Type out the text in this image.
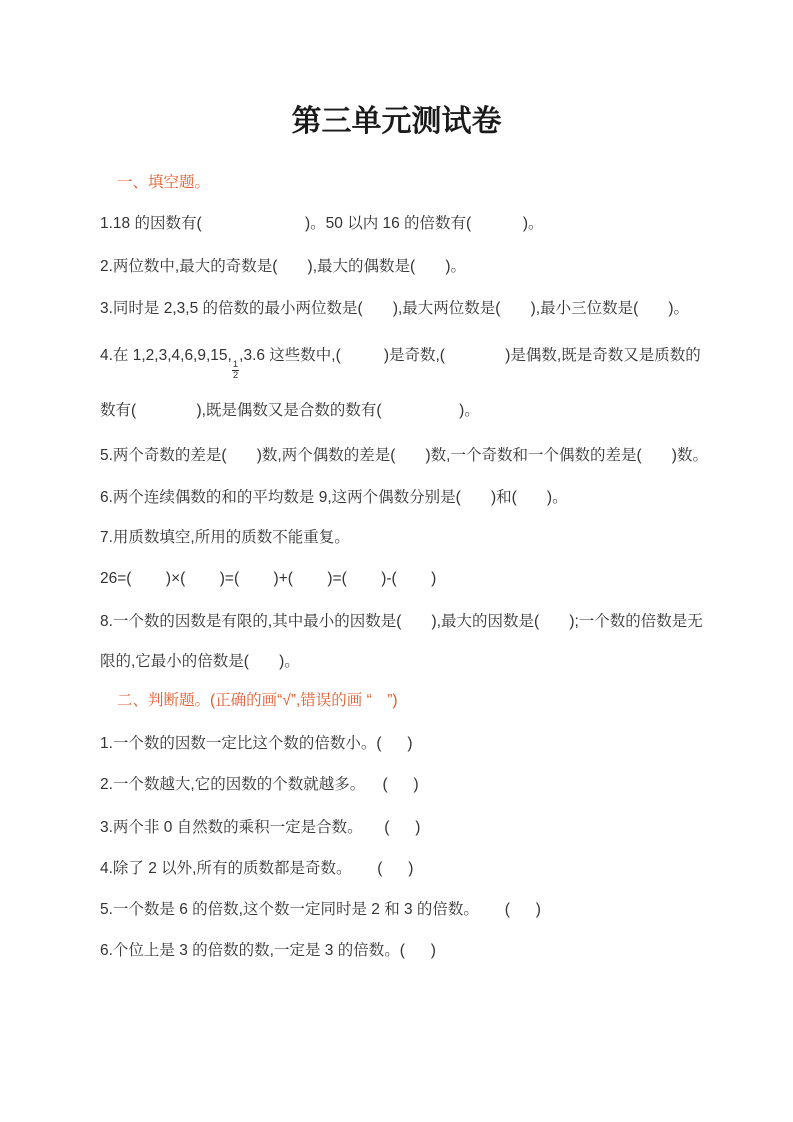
第三单元测试卷
一、填空题。
1.18 的因数有(                        )。50 以内 16 的倍数有(            )。
2.两位数中,最大的奇数是(       ),最大的偶数是(       )。
3.同时是 2,3,5 的倍数的最小两位数是(       ),最大两位数是(       ),最小三位数是(       )。
4.在 1,2,3,4,6,9,15,
$\frac{1}{2}$
,3.6 这些数中,(          )是奇数,(              )是偶数,既是奇数又是质数的
数有(              ),既是偶数又是合数的数有(                  )。
5.两个奇数的差是(       )数,两个偶数的差是(       )数,一个奇数和一个偶数的差是(       )数。
6.两个连续偶数的和的平均数是 9,这两个偶数分别是(       )和(       )。
7.用质数填空,所用的质数不能重复。
26=(        )×(        )=(        )+(        )=(        )-(        )
8.一个数的因数是有限的,其中最小的因数是(       ),最大的因数是(       );一个数的倍数是无
限的,它最小的倍数是(       )。
二、判断题。(正确的画“√”,错误的画 “　”)
1.一个数的因数一定比这个数的倍数小。(      )
2.一个数越大,它的因数的个数就越多。    (      )
3.两个非 0 自然数的乘积一定是合数。     (      )
4.除了 2 以外,所有的质数都是奇数。      (      )
5.一个数是 6 的倍数,这个数一定同时是 2 和 3 的倍数。      (      )
6.个位上是 3 的倍数的数,一定是 3 的倍数。(      )
